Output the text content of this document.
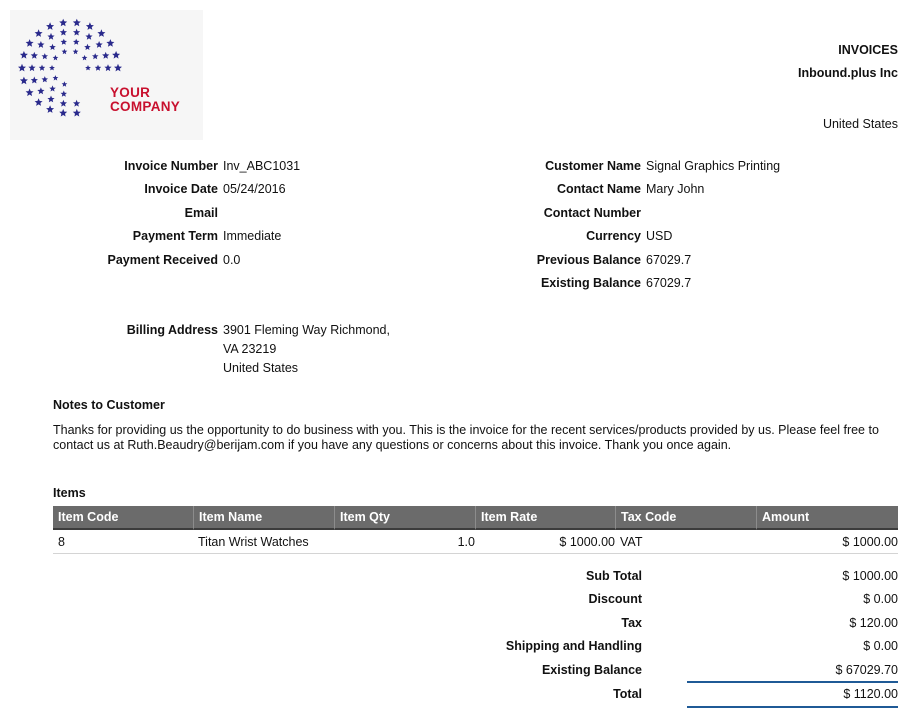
YOUR
COMPANY
INVOICES
Inbound.plus Inc
United States
Invoice Number Inv_ABC1031
Invoice Date 05/24/2016
Email
Payment Term Immediate
Payment Received 0.0
Customer Name Signal Graphics Printing
Contact Name Mary John
Contact Number
Currency USD
Previous Balance 67029.7
Existing Balance 67029.7
Billing Address 3901 Fleming Way Richmond,
VA 23219
United States
Notes to Customer
Thanks for providing us the opportunity to do business with you. This is the invoice for the recent services/products provided by us. Please feel free to contact us at Ruth.Beaudry@berijam.com if you have any questions or concerns about this invoice. Thank you once again.
Items
Item Code	Item Name	Item Qty	Item Rate	Tax Code	Amount
8	Titan Wrist Watches	1.0	$ 1000.00	VAT	$ 1000.00
Sub Total	$ 1000.00
Discount	$ 0.00
Tax	$ 120.00
Shipping and Handling	$ 0.00
Existing Balance	$ 67029.70
Total	$ 1120.00
